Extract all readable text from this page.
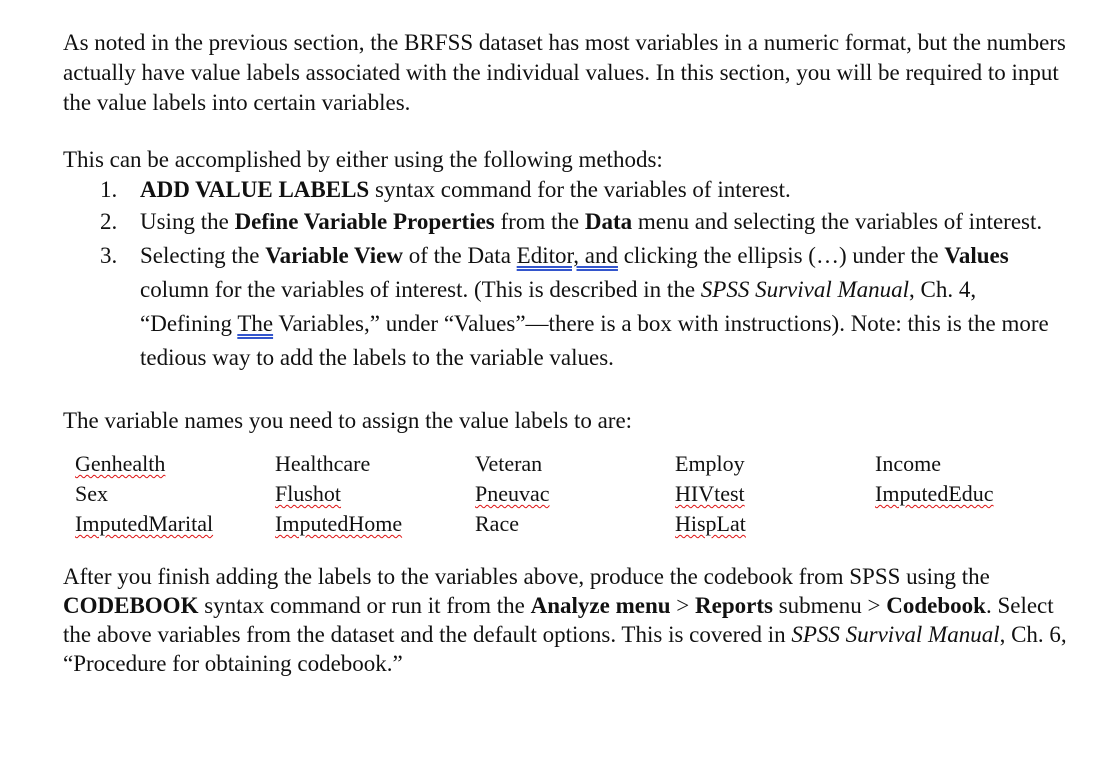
As noted in the previous section, the BRFSS dataset has most variables in a numeric format, but the numbers actually have value labels associated with the individual values. In this section, you will be required to input the value labels into certain variables.

This can be accomplished by either using the following methods:

1. ADD VALUE LABELS syntax command for the variables of interest.
2. Using the Define Variable Properties from the Data menu and selecting the variables of interest.
3. Selecting the Variable View of the Data Editor, and clicking the ellipsis (…) under the Values column for the variables of interest. (This is described in the SPSS Survival Manual, Ch. 4, “Defining The Variables,” under “Values”—there is a box with instructions). Note: this is the more tedious way to add the labels to the variable values.

The variable names you need to assign the value labels to are:

Genhealth
Sex
ImputedMarital
Healthcare
Flushot
ImputedHome
Veteran
Pneuvac
Race
Employ
HIVtest
HispLat
Income
ImputedEduc

After you finish adding the labels to the variables above, produce the codebook from SPSS using the CODEBOOK syntax command or run it from the Analyze menu > Reports submenu > Codebook. Select the above variables from the dataset and the default options. This is covered in SPSS Survival Manual, Ch. 6, “Procedure for obtaining codebook.”
